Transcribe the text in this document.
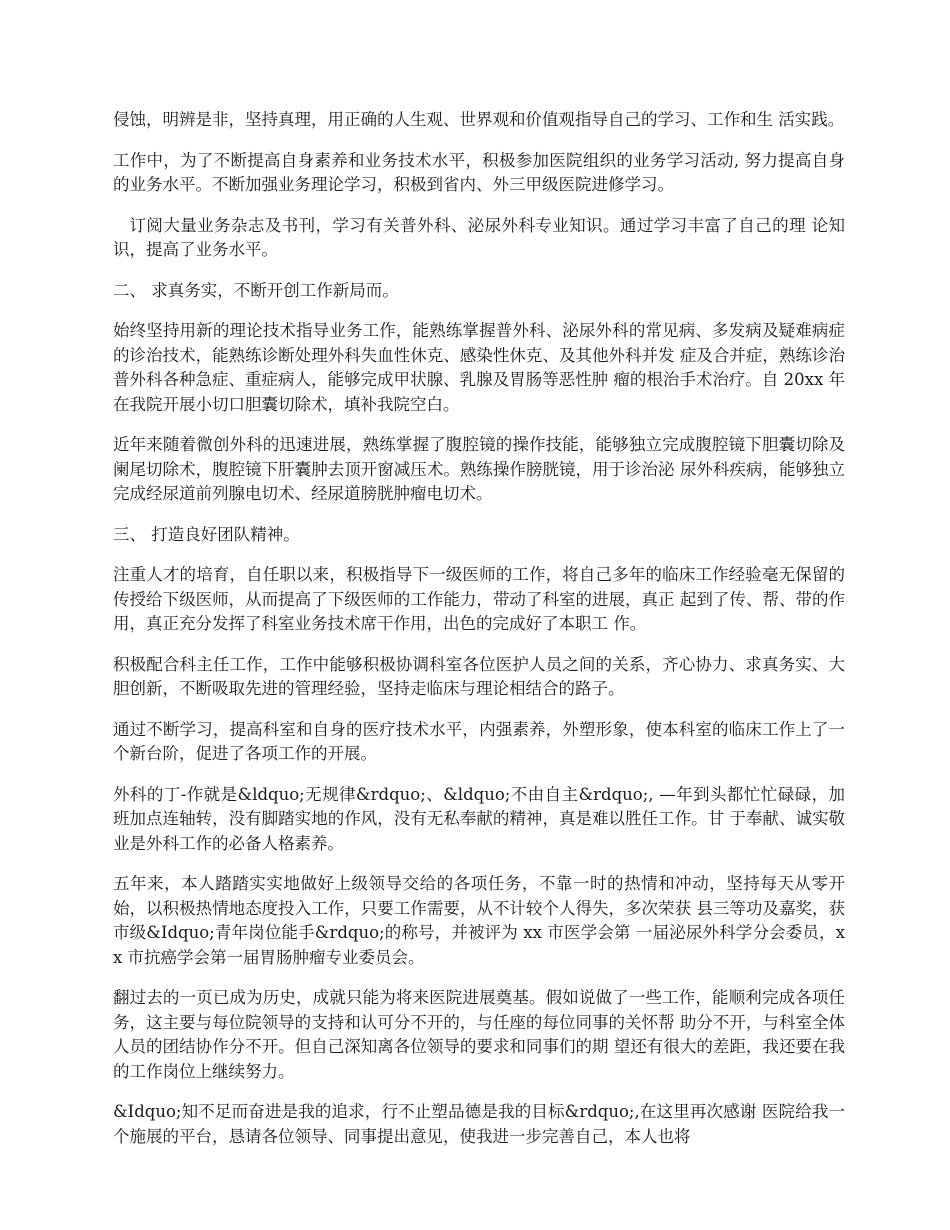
侵蚀，明辨是非，坚持真理，用正确的人生观、世界观和价值观指导自己的学习、工作和生 活实践。

工作中，为了不断提高自身素养和业务技术水平，积极参加医院组织的业务学习活动, 努力提高自身的业务水平。不断加强业务理论学习，积极到省内、外三甲级医院进修学习。

订阅大量业务杂志及书刊，学习有关普外科、泌尿外科专业知识。通过学习丰富了自己的理 论知识，提高了业务水平。

二、 求真务实，不断开创工作新局而。

始终坚持用新的理论技术指导业务工作，能熟练掌握普外科、泌尿外科的常见病、多发病及疑难病症的诊治技术，能熟练诊断处理外科失血性休克、感染性休克、及其他外科并发 症及合并症，熟练诊治普外科各种急症、重症病人，能够完成甲状腺、乳腺及胃肠等恶性肿 瘤的根治手术治疗。自 20xx 年在我院开展小切口胆囊切除术，填补我院空白。

近年来随着微创外科的迅速进展，熟练掌握了腹腔镜的操作技能，能够独立完成腹腔镜下胆囊切除及阑尾切除术，腹腔镜下肝囊肿去顶开窗减压术。熟练操作膀胱镜，用于诊治泌 尿外科疾病，能够独立完成经尿道前列腺电切术、经尿道膀胱肿瘤电切术。

三、 打造良好团队精神。

注重人才的培育，自任职以来，积极指导下一级医师的工作，将自己多年的临床工作经验毫无保留的传授给下级医师，从而提高了下级医师的工作能力，带动了科室的进展，真正 起到了传、帮、带的作用，真正充分发挥了科室业务技术席干作用，出色的完成好了本职工 作。

积极配合科主任工作，工作中能够积极协调科室各位医护人员之间的关系，齐心协力、求真务实、大胆创新，不断吸取先进的管理经验，坚持走临床与理论相结合的路子。

通过不断学习，提高科室和自身的医疗技术水平，内强素养，外塑形象，使本科室的临床工作上了一个新台阶，促进了各项工作的开展。

外科的丁-作就是&ldquo;无规律&rdquo;、&ldquo;不由自主&rdquo;, —年到头都忙忙碌碌，加班加点连轴转，没有脚踏实地的作风，没有无私奉献的精神，真是难以胜任工作。甘 于奉献、诚实敬业是外科工作的必备人格素养。

五年来，本人踏踏实实地做好上级领导交给的各项任务，不靠一时的热情和冲动，坚持每天从零开始，以积极热情地态度投入工作，只要工作需要，从不计较个人得失，多次荣获 县三等功及嘉奖，获市级&Idquo;青年岗位能手&rdquo;的称号，并被评为 xx 市医学会第 一届泌尿外科学分会委员，xx 市抗癌学会第一届胃肠肿瘤专业委员会。

翻过去的一页已成为历史，成就只能为将来医院进展奠基。假如说做了一些工作，能顺利完成各项任务，这主要与每位院领导的支持和认可分不开的，与任座的每位同事的关怀帮 助分不开，与科室全体人员的团结协作分不开。但自己深知离各位领导的要求和同事们的期 望还有很大的差距，我还要在我的工作岗位上继续努力。

&Idquo;知不足而奋进是我的追求，行不止塑品德是我的目标&rdquo;,在这里再次感谢 医院给我一个施展的平台，恳请各位领导、同事提出意见，使我进一步完善自己，本人也将
